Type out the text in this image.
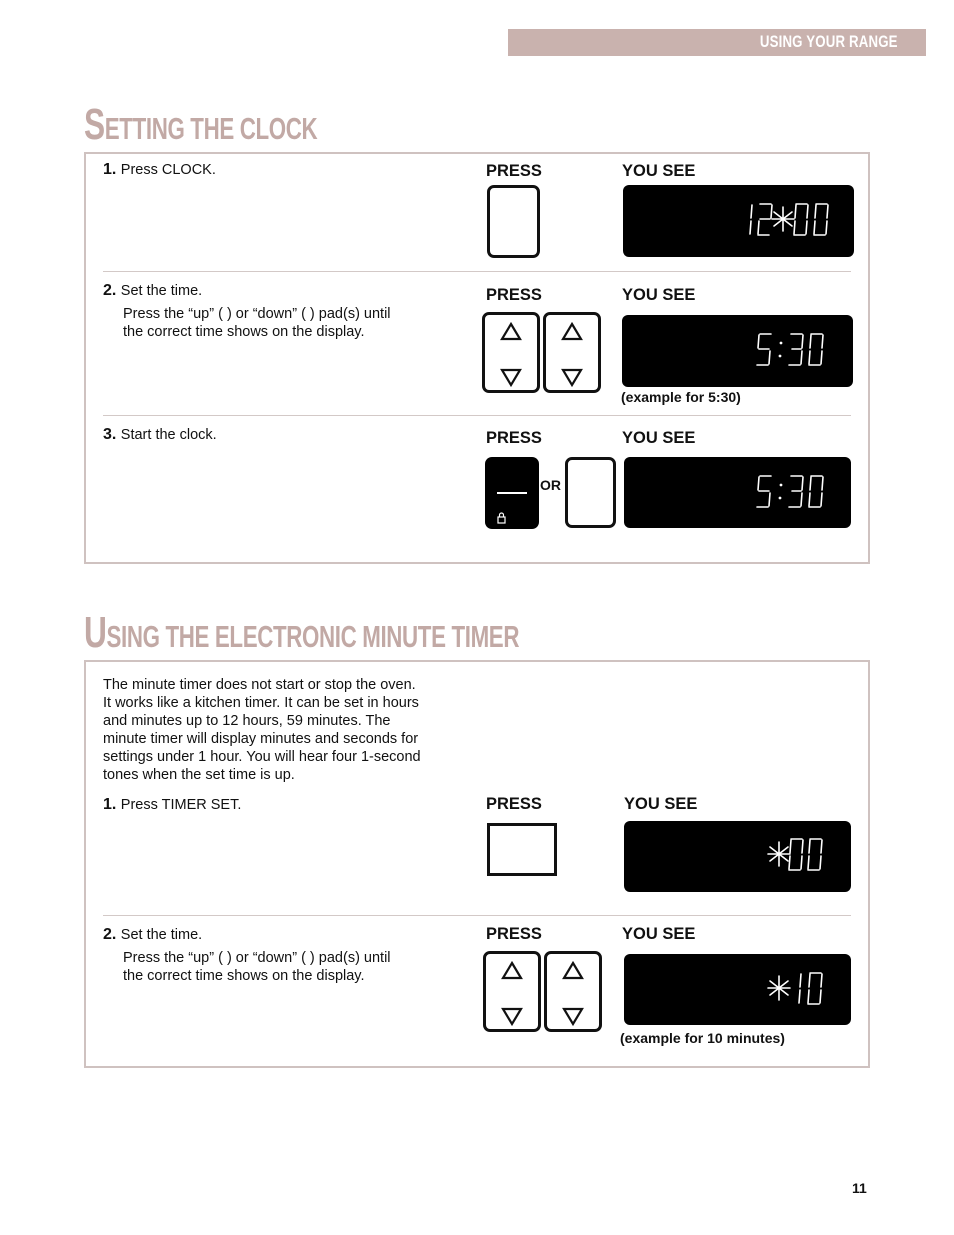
USING YOUR RANGE
SETTING THE CLOCK
1. Press CLOCK.	PRESS	YOU SEE
2. Set the time.
Press the “up” ( ) or “down” ( ) pad(s) until
the correct time shows on the display.
PRESS	YOU SEE
(example for 5:30)
3. Start the clock.	PRESS	YOU SEE
OR
USING THE ELECTRONIC MINUTE TIMER
The minute timer does not start or stop the oven.
It works like a kitchen timer. It can be set in hours
and minutes up to 12 hours, 59 minutes. The
minute timer will display minutes and seconds for
settings under 1 hour. You will hear four 1-second
tones when the set time is up.
1. Press TIMER SET.	PRESS	YOU SEE
2. Set the time.
Press the “up” ( ) or “down” ( ) pad(s) until
the correct time shows on the display.
PRESS	YOU SEE
(example for 10 minutes)
11
